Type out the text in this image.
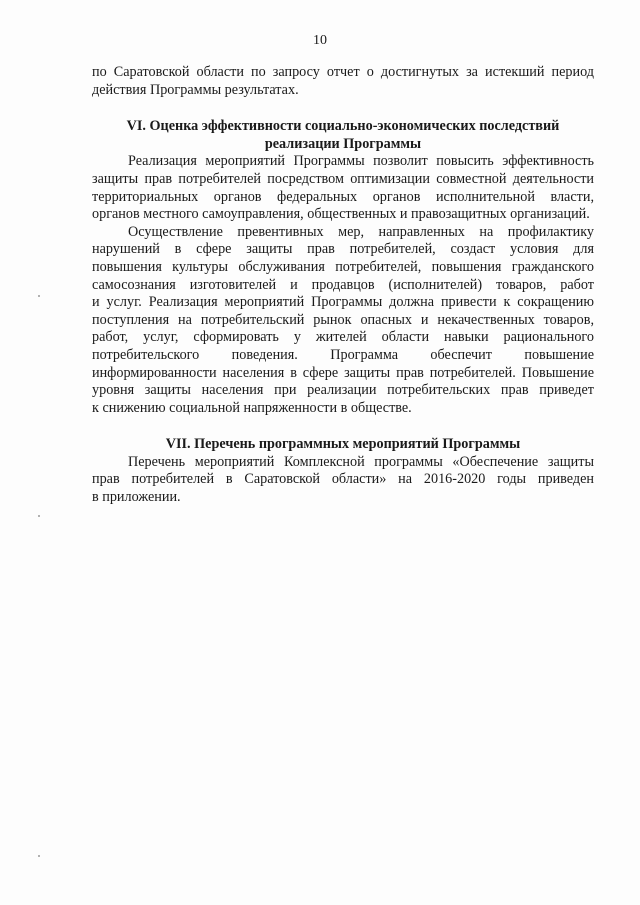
10
по Саратовской области по запросу отчет о достигнутых за истекший период
действия Программы результатах.
VI. Оценка эффективности социально-экономических последствий
реализации Программы
Реализация мероприятий Программы позволит повысить эффективность
защиты прав потребителей посредством оптимизации совместной деятельности
территориальных органов федеральных органов исполнительной власти,
органов местного самоуправления, общественных и правозащитных организаций.
Осуществление превентивных мер, направленных на профилактику
нарушений в сфере защиты прав потребителей, создаст условия для
повышения культуры обслуживания потребителей, повышения гражданского
самосознания изготовителей и продавцов (исполнителей) товаров, работ
и услуг. Реализация мероприятий Программы должна привести к сокращению
поступления на потребительский рынок опасных и некачественных товаров,
работ, услуг, сформировать у жителей области навыки рационального
потребительского поведения. Программа обеспечит повышение
информированности населения в сфере защиты прав потребителей. Повышение
уровня защиты населения при реализации потребительских прав приведет
к снижению социальной напряженности в обществе.
VII. Перечень программных мероприятий Программы
Перечень мероприятий Комплексной программы «Обеспечение защиты
прав потребителей в Саратовской области» на 2016-2020 годы приведен
в приложении.
